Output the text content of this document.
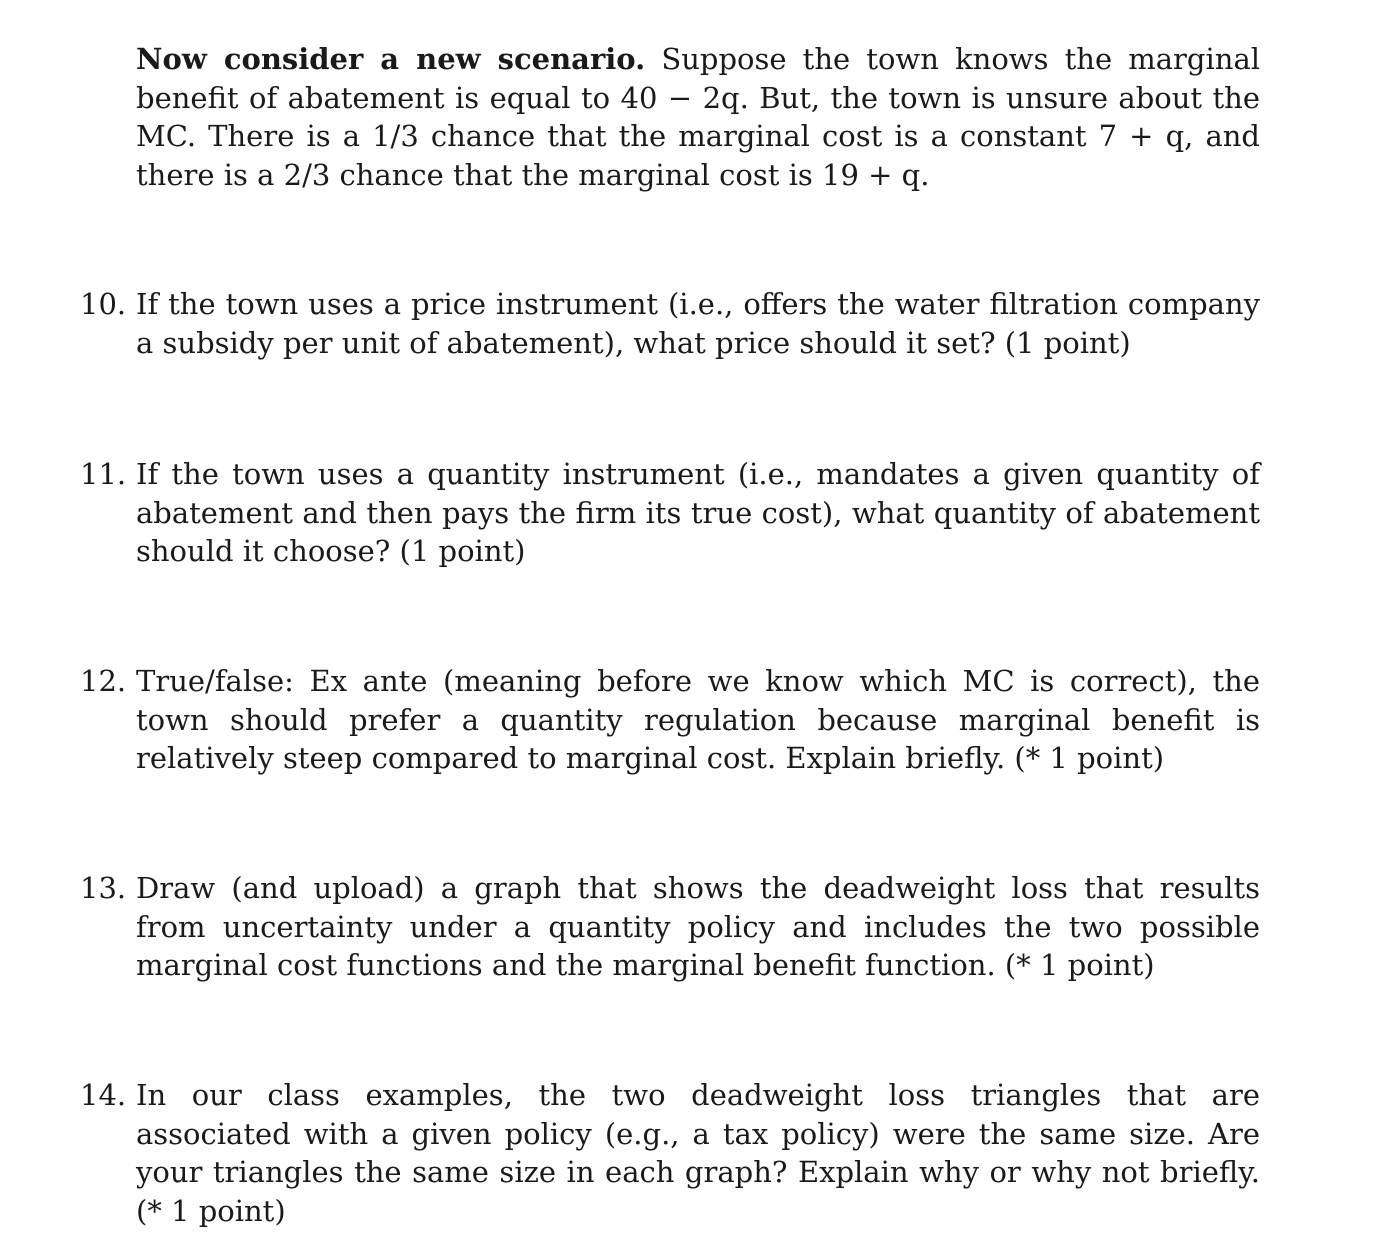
Now consider a new scenario. Suppose the town knows the marginal benefit of abatement is equal to 40 − 2q. But, the town is unsure about the MC. There is a 1/3 chance that the marginal cost is a constant 7 + q, and there is a 2/3 chance that the marginal cost is 19 + q.
10. If the town uses a price instrument (i.e., offers the water filtration company a subsidy per unit of abatement), what price should it set? (1 point)
11. If the town uses a quantity instrument (i.e., mandates a given quantity of abatement and then pays the firm its true cost), what quantity of abatement should it choose? (1 point)
12. True/false: Ex ante (meaning before we know which MC is correct), the town should prefer a quantity regulation because marginal benefit is relatively steep compared to marginal cost. Explain briefly. (* 1 point)
13. Draw (and upload) a graph that shows the deadweight loss that results from uncertainty under a quantity policy and includes the two possible marginal cost functions and the marginal benefit function. (* 1 point)
14. In our class examples, the two deadweight loss triangles that are associated with a given policy (e.g., a tax policy) were the same size. Are your triangles the same size in each graph? Explain why or why not briefly. (* 1 point)
